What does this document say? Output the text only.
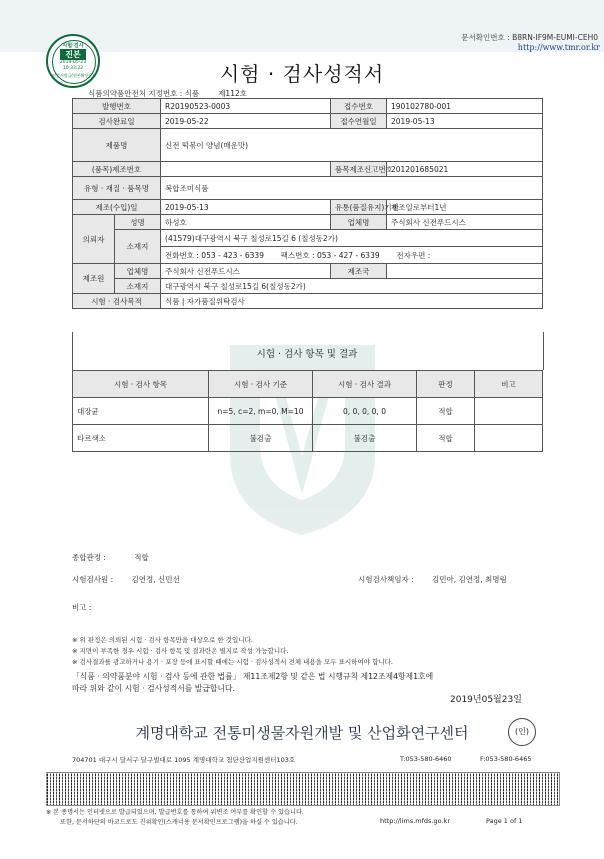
문서확인번호 : B8RN-IF9M-EUMI-CEH0
http://www.tmr.or.kr
시험·검사
진본
2019-05-23
10:33:22
인증서발급(원본확인용)	시험 · 검사성적서
식품의약품안전처 지정번호 : 식품	제112호
발행번호		R20190523-0003	접수번호	190102780-001
검사완료일		2019-05-22	접수연월일	2019-05-13
제품명		신전 떡볶이 양념(매운맛)		
(품목)제조번호			품목제조신고번호	201201685021
유형 · 재질 · 품목명		복합조미식품		
제조(수입)일		2019-05-13	유통(품질유지)기한	제조일로부터1년
의뢰자	성명	하성호	업체명	주식회사 신전푸드시스
	소재지	(41579)대구광역시 북구 칠성로15길 6 (칠성동2가)		
		전화번호 : 053 - 423 - 6339 팩스번호 : 053 - 427 - 6339 전자우편 :		
제조원	업체명	주식회사 신전푸드시스	제조국	
	소재지	대구광역시 북구 칠성로15길 6(칠성동2가)		
시험 · 검사목적		식품 | 자가품질위탁검사		
시험 · 검사 항목 및 결과
시험 · 검사 항목	시험 · 검사 기준	시험 · 검사 결과	판정	비고
대장균	n=5, c=2, m=0, M=10	0, 0, 0, 0, 0	적합	
타르색소	불검출	불검출	적합	
종합판정 :	적합
시험검사원 : 김연정, 신민선	시험검사책임자 : 김민아, 김연정, 최명림
비고 :
※ 위 판정은 의뢰된 시험 · 검사 항목만을 대상으로 한 것입니다.
※ 지면이 부족한 경우 시험 · 검사 항목 및 결과란은 별지로 작성 가능합니다.
※ 검사결과를 광고하거나 용기 · 포장 등에 표시할 때에는 시험 · 검사성적서 전체 내용을 모두 표시하여야 합니다.
「식품 · 의약품분야 시험 · 검사 등에 관한 법률」 제11조제2항 및 같은 법 시행규칙 제12조제4항제1호에
따라 위와 같이 시험 · 검사성적서를 발급합니다.
2019년05월23일
계명대학교 전통미생물자원개발 및 산업화연구센터	(인)
704701 대구시 달서구 달구벌대로 1095 계명대학교 첨단산업지원센터103호	T:053-580-6460	F:053-580-6465
※ 본 종명서는 인터넷으로 발급되었으며, 발급번호를 통하여 위변조 여부를 확인할 수 있습니다.
또한, 문서하단의 바코드로도 진위확인(스캐너용 문서확인프로그램)을 하실 수 있습니다.	http://lims.mfds.go.kr	Page 1 of 1
